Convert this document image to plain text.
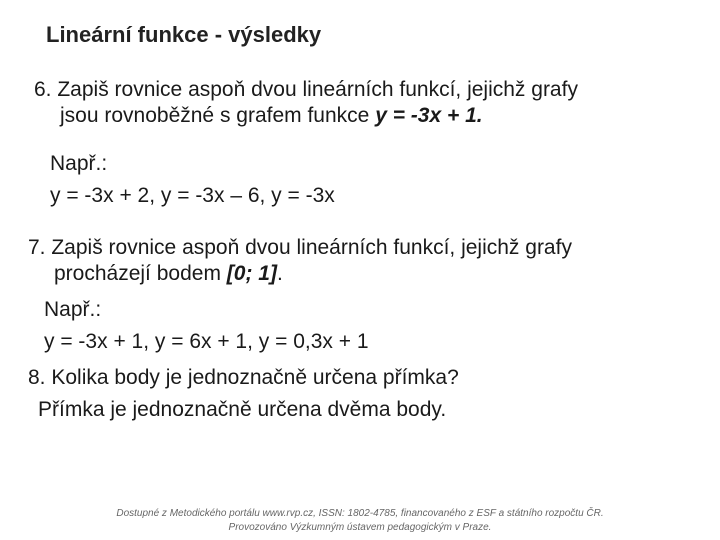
Lineární funkce - výsledky
6. Zapiš rovnice aspoň dvou lineárních funkcí, jejichž grafy
jsou rovnoběžné s grafem funkce y = -3x + 1.
Např.:
y = -3x + 2, y = -3x – 6, y = -3x
7. Zapiš rovnice aspoň dvou lineárních funkcí, jejichž grafy
procházejí bodem [0; 1].
Např.:
y = -3x + 1, y = 6x + 1, y = 0,3x + 1
8. Kolika body je jednoznačně určena přímka?
Přímka je jednoznačně určena dvěma body.
Dostupné z Metodického portálu www.rvp.cz, ISSN: 1802-4785, financovaného z ESF a státního rozpočtu ČR.
Provozováno Výzkumným ústavem pedagogickým v Praze.
